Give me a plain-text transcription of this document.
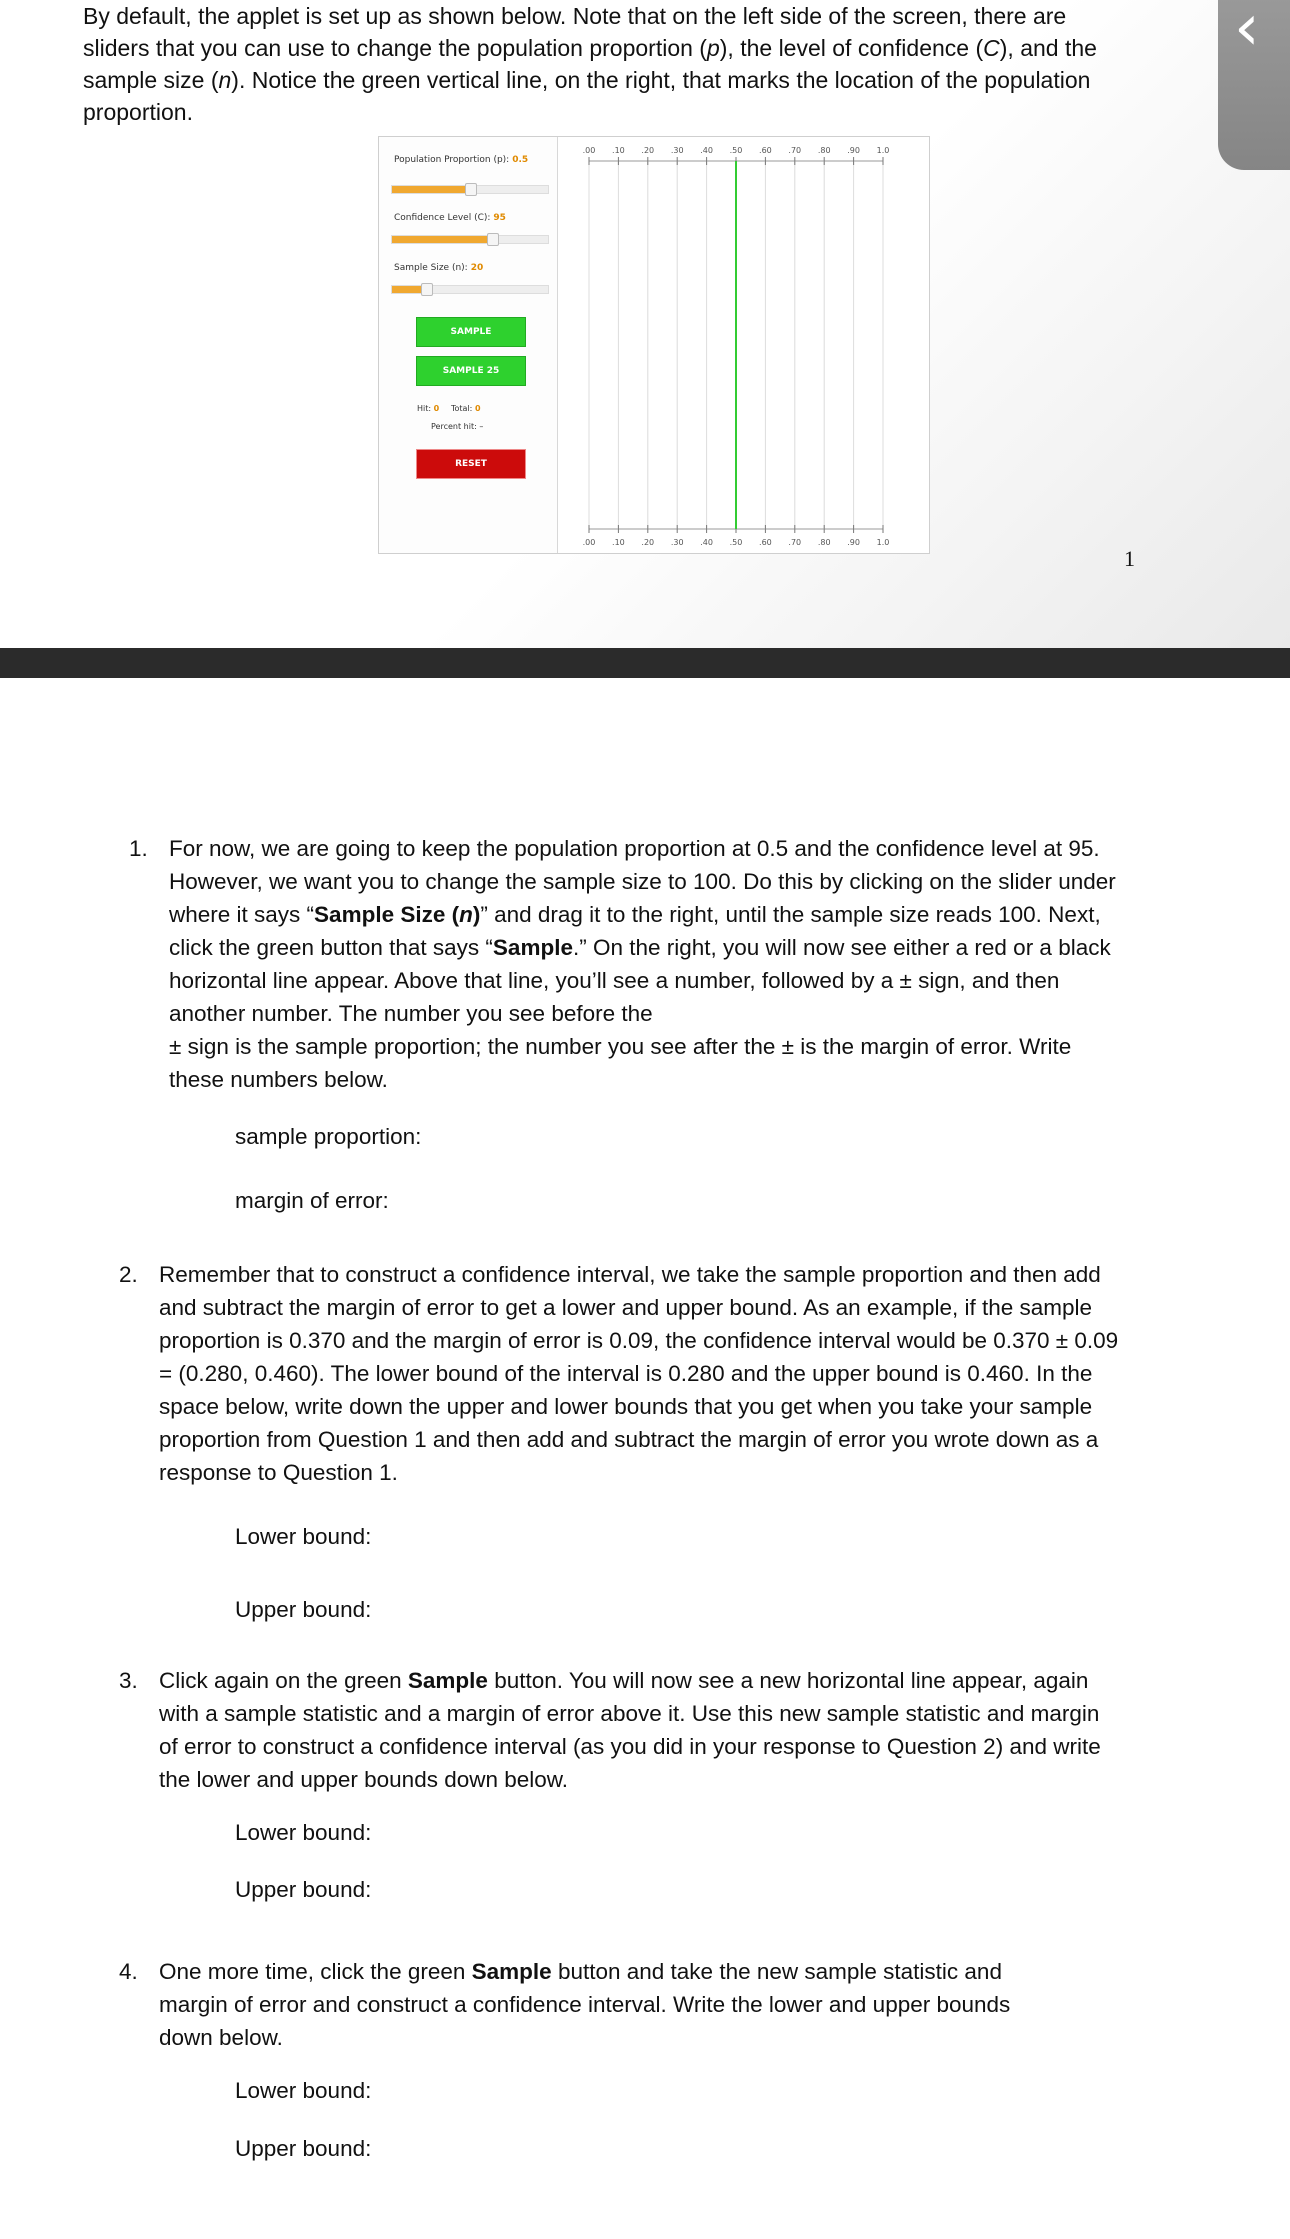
By default, the applet is set up as shown below. Note that on the left side of the screen, there are
sliders that you can use to change the population proportion (p), the level of confidence (C), and the
sample size (n). Notice the green vertical line, on the right, that marks the location of the population
proportion.
‹
Population Proportion (p): 0.5
Confidence Level (C): 95
Sample Size (n): 20
SAMPLE
SAMPLE 25
Hit: 0 Total: 0
Percent hit: –
RESET
.00
.00
.10
.10
.20
.20
.30
.30
.40
.40
.50
.50
.60
.60
.70
.70
.80
.80
.90
.90
1.0
1.0
1
1. For now, we are going to keep the population proportion at 0.5 and the confidence level at 95.
However, we want you to change the sample size to 100. Do this by clicking on the slider under
where it says “Sample Size (n)” and drag it to the right, until the sample size reads 100. Next,
click the green button that says “Sample.” On the right, you will now see either a red or a black
horizontal line appear. Above that line, you’ll see a number, followed by a ± sign, and then
another number. The number you see before the
± sign is the sample proportion; the number you see after the ± is the margin of error. Write
these numbers below.
sample proportion:
margin of error:
2. Remember that to construct a confidence interval, we take the sample proportion and then add
and subtract the margin of error to get a lower and upper bound. As an example, if the sample
proportion is 0.370 and the margin of error is 0.09, the confidence interval would be 0.370 ± 0.09
= (0.280, 0.460). The lower bound of the interval is 0.280 and the upper bound is 0.460. In the
space below, write down the upper and lower bounds that you get when you take your sample
proportion from Question 1 and then add and subtract the margin of error you wrote down as a
response to Question 1.
Lower bound:
Upper bound:
3. Click again on the green Sample button. You will now see a new horizontal line appear, again
with a sample statistic and a margin of error above it. Use this new sample statistic and margin
of error to construct a confidence interval (as you did in your response to Question 2) and write
the lower and upper bounds down below.
Lower bound:
Upper bound:
4. One more time, click the green Sample button and take the new sample statistic and
margin of error and construct a confidence interval. Write the lower and upper bounds
down below.
Lower bound:
Upper bound:
